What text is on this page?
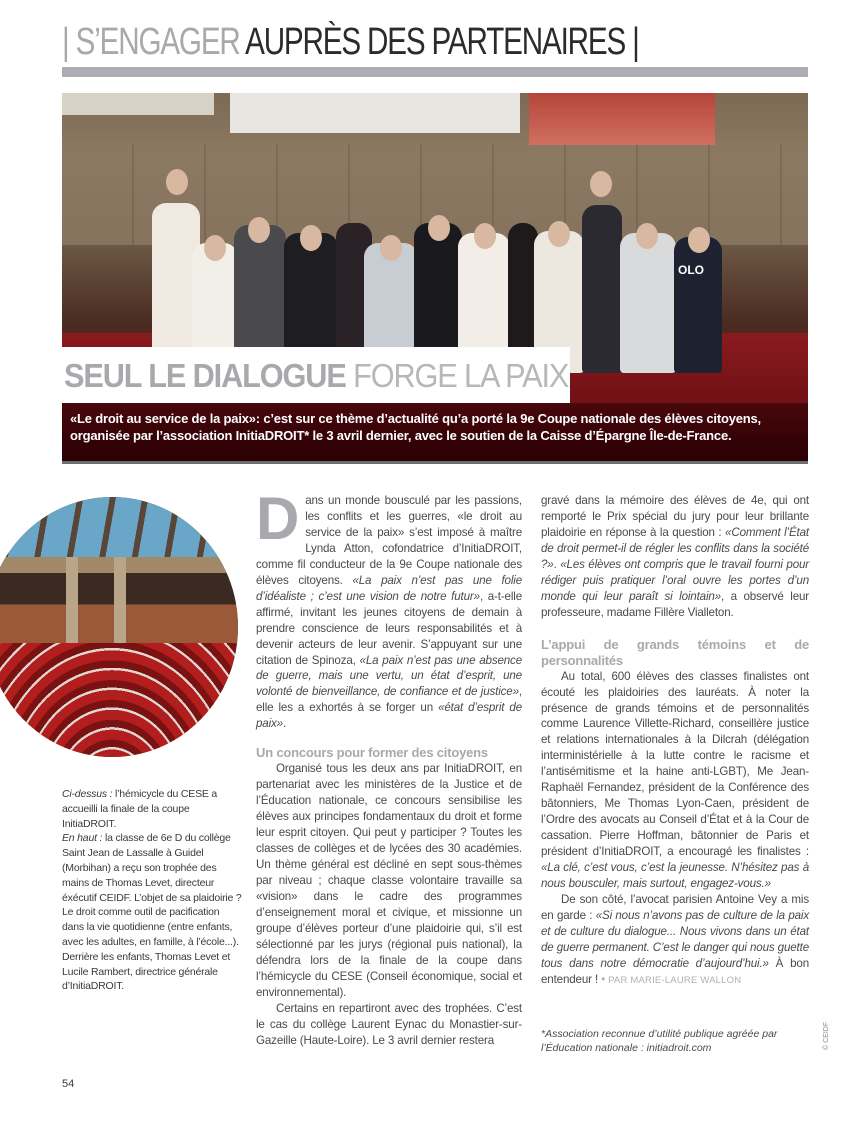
| S’ENGAGER AUPRÈS DES PARTENAIRES |
OLO
SEUL LE DIALOGUE FORGE LA PAIX

«Le droit au service de la paix»: c’est sur ce thème d’actualité qu’a porté la 9e Coupe nationale des élèves citoyens, organisée par l’association InitiaDROIT* le 3 avril dernier, avec le soutien de la Caisse d’Épargne Île-de-France.

Ci-dessus : l’hémicycle du CESE a accueilli la finale de la coupe InitiaDROIT.
En haut : la classe de 6e D du collège Saint Jean de Lassalle à Guidel (Morbihan) a reçu son trophée des mains de Thomas Levet, directeur éxécutif CEIDF. L’objet de sa plaidoirie ? Le droit comme outil de pacification dans la vie quotidienne (entre enfants, avec les adultes, en famille, à l’école...). Derrière les enfants, Thomas Levet et Lucile Rambert, directrice générale d’InitiaDROIT.

Dans un monde bousculé par les passions, les conflits et les guerres, «le droit au service de la paix» s’est imposé à maître Lynda Atton, cofondatrice d’InitiaDROIT, comme fil conducteur de la 9e Coupe nationale des élèves citoyens. «La paix n’est pas une folie d’idéaliste ; c’est une vision de notre futur», a-t-elle affirmé, invitant les jeunes citoyens de demain à prendre conscience de leurs responsabilités et à devenir acteurs de leur avenir. S’appuyant sur une citation de Spinoza, «La paix n’est pas une absence de guerre, mais une vertu, un état d’esprit, une volonté de bienveillance, de confiance et de justice», elle les a exhortés à se forger un «état d’esprit de paix».

Un concours pour former des citoyens

Organisé tous les deux ans par InitiaDROIT, en partenariat avec les ministères de la Justice et de l’Éducation nationale, ce concours sensibilise les élèves aux principes fondamentaux du droit et forme leur esprit citoyen. Qui peut y participer ? Toutes les classes de collèges et de lycées des 30 académies. Un thème général est décliné en sept sous-thèmes par niveau ; chaque classe volontaire travaille sa «vision» dans le cadre des programmes d’enseignement moral et civique, et missionne un groupe d’élèves porteur d’une plaidoirie qui, s’il est sélectionné par les jurys (régional puis national), la défendra lors de la finale de la coupe dans l’hémicycle du CESE (Conseil économique, social et environnemental).

Certains en repartiront avec des trophées. C’est le cas du collège Laurent Eynac du Monastier-sur-Gazeille (Haute-Loire). Le 3 avril dernier restera

gravé dans la mémoire des élèves de 4e, qui ont remporté le Prix spécial du jury pour leur brillante plaidoirie en réponse à la question : «Comment l’État de droit permet-il de régler les conflits dans la société ?». «Les élèves ont compris que le travail fourni pour rédiger puis pratiquer l’oral ouvre les portes d’un monde qui leur paraît si lointain», a observé leur professeure, madame Fillère Vialleton.

L’appui de grands témoins et de personnalités

Au total, 600 élèves des classes finalistes ont écouté les plaidoiries des lauréats. À noter la présence de grands témoins et de personnalités comme Laurence Villette-Richard, conseillère justice et relations internationales à la Dilcrah (délégation interministérielle à la lutte contre le racisme et l’antisémitisme et la haine anti-LGBT), Me Jean-Raphaël Fernandez, président de la Conférence des bâtonniers, Me Thomas Lyon-Caen, président de l’Ordre des avocats au Conseil d’État et à la Cour de cassation. Pierre Hoffman, bâtonnier de Paris et président d’InitiaDROIT, a encouragé les finalistes : «La clé, c’est vous, c’est la jeunesse. N’hésitez pas à nous bousculer, mais surtout, engagez-vous.»

De son côté, l’avocat parisien Antoine Vey a mis en garde : «Si nous n’avons pas de culture de la paix et de culture du dialogue... Nous vivons dans un état de guerre permanent. C’est le danger qui nous guette tous dans notre démocratie d’aujourd’hui.» À bon entendeur ! • PAR MARIE-LAURE WALLON

*Association reconnue d’utilité publique agréée par l’Éducation nationale : initiadroit.com	© CEIDF
54
